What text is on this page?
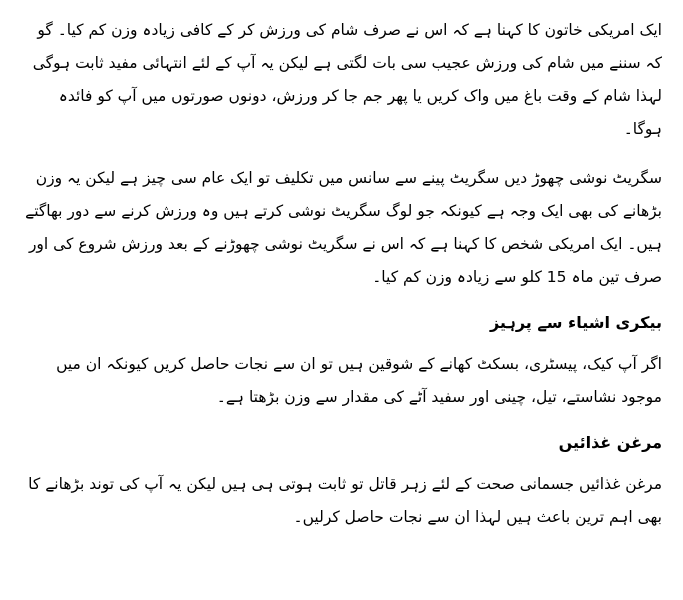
ایک امریکی خاتون کا کہنا ہے کہ اس نے صرف شام کی ورزش کر کے کافی زیادہ وزن کم کیا۔ گو کہ سننے میں شام کی ورزش عجیب سی بات لگتی ہے لیکن یہ آپ کے لئے انتہائی مفید ثابت ہوگی لہذا شام کے وقت باغ میں واک کریں یا پھر جم جا کر ورزش، دونوں صورتوں میں آپ کو فائدہ ہوگا۔

سگریٹ نوشی چھوڑ دیں سگریٹ پینے سے سانس میں تکلیف تو ایک عام سی چیز ہے لیکن یہ وزن بڑھانے کی بھی ایک وجہ ہے کیونکہ جو لوگ سگریٹ نوشی کرتے ہیں وہ ورزش کرنے سے دور بھاگتے ہیں۔ ایک امریکی شخص کا کہنا ہے کہ اس نے سگریٹ نوشی چھوڑنے کے بعد ورزش شروع کی اور صرف تین ماہ 15 کلو سے زیادہ وزن کم کیا۔

بیکری اشیاء سے پرہیز

اگر آپ کیک، پیسٹری، بسکٹ کھانے کے شوقین ہیں تو ان سے نجات حاصل کریں کیونکہ ان میں موجود نشاستے، تیل، چینی اور سفید آٹے کی مقدار سے وزن بڑھتا ہے۔

مرغن غذائیں

مرغن غذائیں جسمانی صحت کے لئے زہر قاتل تو ثابت ہوتی ہی ہیں لیکن یہ آپ کی توند بڑھانے کا بھی اہم ترین باعث ہیں لہذا ان سے نجات حاصل کرلیں۔
